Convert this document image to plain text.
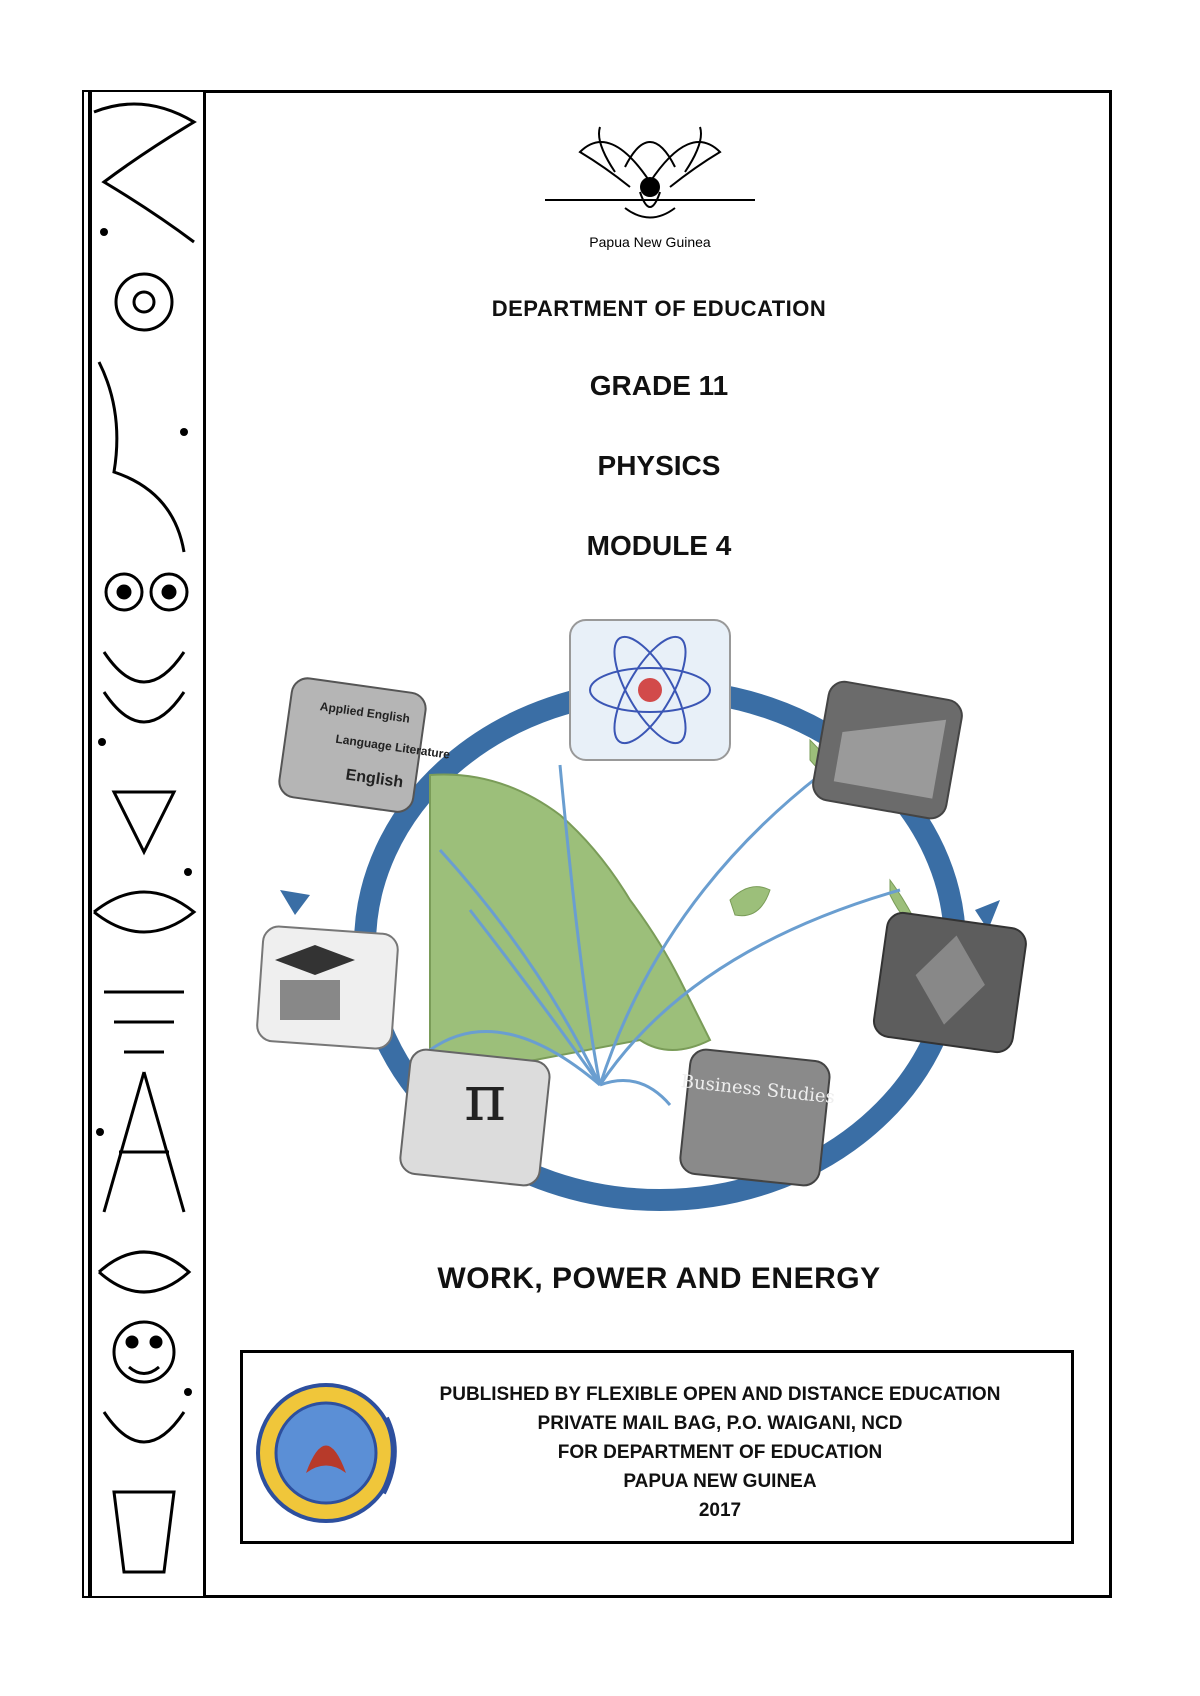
Papua New Guinea
DEPARTMENT OF EDUCATION
GRADE 11
PHYSICS
MODULE 4
Business Studies
π
Applied English
Language Literature
English
WORK, POWER AND ENERGY
PUBLISHED BY FLEXIBLE OPEN AND DISTANCE EDUCATION
PRIVATE MAIL BAG, P.O. WAIGANI, NCD
FOR DEPARTMENT OF EDUCATION
PAPUA NEW GUINEA
2017
